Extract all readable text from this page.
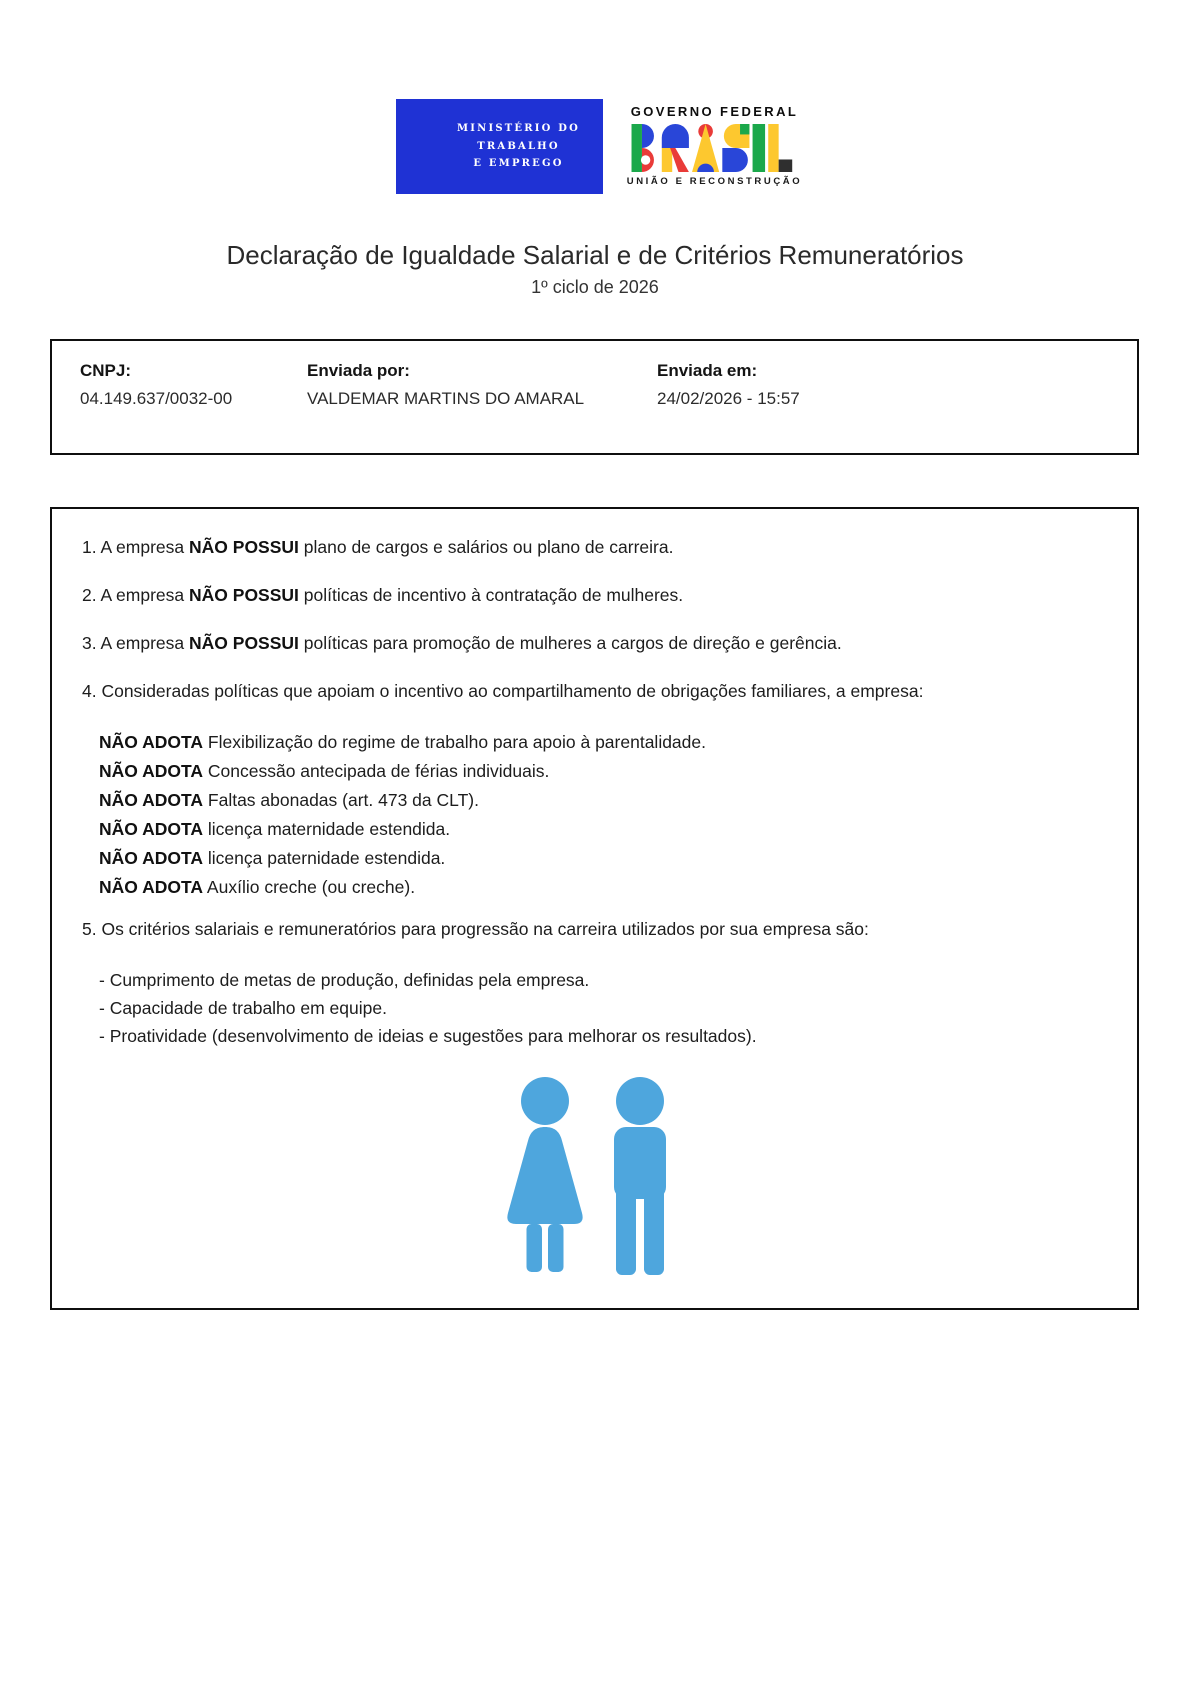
MINISTÉRIO DO
TRABALHO
E EMPREGO
GOVERNO FEDERAL
UNIÃO E RECONSTRUÇÃO
Declaração de Igualdade Salarial e de Critérios Remuneratórios
1º ciclo de 2026
CNPJ:
04.149.637/0032-00
Enviada por:
VALDEMAR MARTINS DO AMARAL
Enviada em:
24/02/2026 - 15:57

1. A empresa NÃO POSSUI plano de cargos e salários ou plano de carreira.

2. A empresa NÃO POSSUI políticas de incentivo à contratação de mulheres.

3. A empresa NÃO POSSUI políticas para promoção de mulheres a cargos de direção e gerência.

4. Consideradas políticas que apoiam o incentivo ao compartilhamento de obrigações familiares, a empresa:

NÃO ADOTA Flexibilização do regime de trabalho para apoio à parentalidade.

NÃO ADOTA Concessão antecipada de férias individuais.

NÃO ADOTA Faltas abonadas (art. 473 da CLT).

NÃO ADOTA licença maternidade estendida.

NÃO ADOTA licença paternidade estendida.

NÃO ADOTA Auxílio creche (ou creche).

5. Os critérios salariais e remuneratórios para progressão na carreira utilizados por sua empresa são:

- Cumprimento de metas de produção, definidas pela empresa.

- Capacidade de trabalho em equipe.

- Proatividade (desenvolvimento de ideias e sugestões para melhorar os resultados).
